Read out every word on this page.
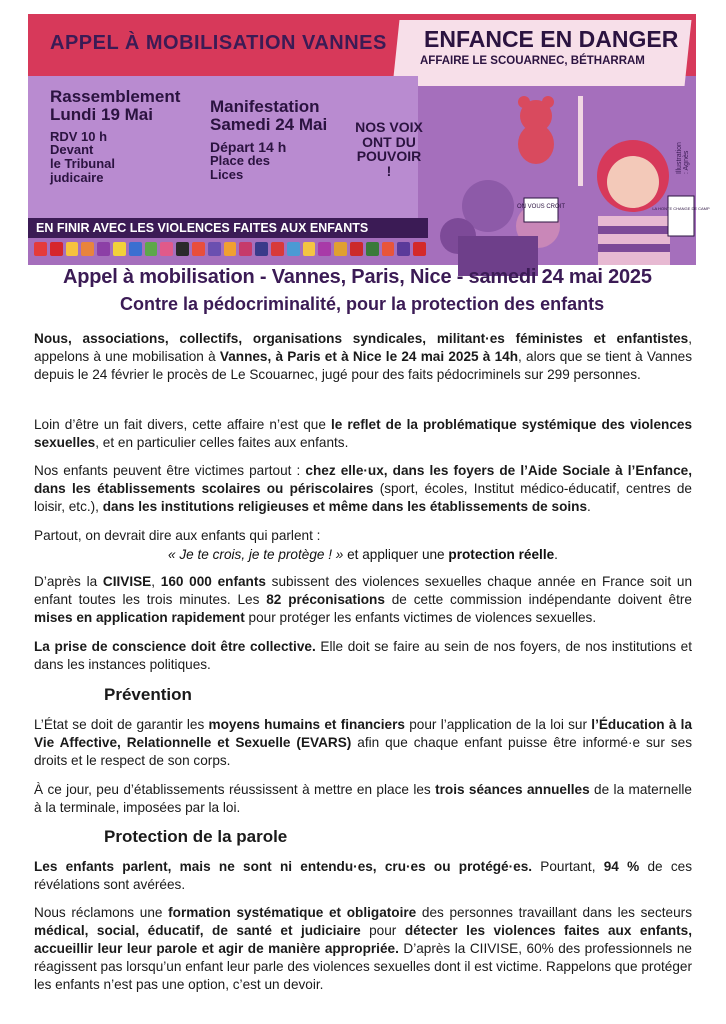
APPEL À MOBILISATION VANNES ENFANCE EN DANGER
AFFAIRE LE SCOUARNEC, BÉTHARRAM
Rassemblement
Lundi 19 Mai
RDV 10 h
Devant
le Tribunal
judicaire
Manifestation
Samedi 24 Mai
Départ 14 h
Place des
Lices
NOS VOIX
ONT DU
POUVOIR !
EN FINIR AVEC LES VIOLENCES FAITES AUX ENFANTS
ON VOUS CROIT	LA HONTE CHANGE DE CAMP
Illustration : Agnès
Appel à mobilisation - Vannes, Paris, Nice - samedi 24 mai 2025
Contre la pédocriminalité, pour la protection des enfants
Nous, associations, collectifs, organisations syndicales, militant·es féministes et enfantistes, appelons à une mobilisation à Vannes, à Paris et à Nice le 24 mai 2025 à 14h, alors que se tient à Vannes depuis le 24 février le procès de Le Scouarnec, jugé pour des faits pédocriminels sur 299 personnes.
Loin d’être un fait divers, cette affaire n’est que le reflet de la problématique systémique des violences sexuelles, et en particulier celles faites aux enfants.
Nos enfants peuvent être victimes partout : chez elle·ux, dans les foyers de l’Aide Sociale à l’Enfance, dans les établissements scolaires ou périscolaires (sport, écoles, Institut médico-éducatif, centres de loisir, etc.), dans les institutions religieuses et même dans les établissements de soins.
Partout, on devrait dire aux enfants qui parlent :
« Je te crois, je te protège ! » et appliquer une protection réelle.
D’après la CIIVISE, 160 000 enfants subissent des violences sexuelles chaque année en France soit un enfant toutes les trois minutes. Les 82 préconisations de cette commission indépendante doivent être mises en application rapidement pour protéger les enfants victimes de violences sexuelles.
La prise de conscience doit être collective. Elle doit se faire au sein de nos foyers, de nos institutions et dans les instances politiques.
Prévention
L’État se doit de garantir les moyens humains et financiers pour l’application de la loi sur l’Éducation à la Vie Affective, Relationnelle et Sexuelle (EVARS) afin que chaque enfant puisse être informé·e sur ses droits et le respect de son corps.
À ce jour, peu d’établissements réussissent à mettre en place les trois séances annuelles de la maternelle à la terminale, imposées par la loi.
Protection de la parole
Les enfants parlent, mais ne sont ni entendu·es, cru·es ou protégé·es. Pourtant, 94 % de ces révélations sont avérées.
Nous réclamons une formation systématique et obligatoire des personnes travaillant dans les secteurs médical, social, éducatif, de santé et judiciaire pour détecter les violences faites aux enfants, accueillir leur leur parole et agir de manière appropriée. D’après la CIIVISE, 60% des professionnels ne réagissent pas lorsqu’un enfant leur parle des violences sexuelles dont il est victime. Rappelons que protéger les enfants n’est pas une option, c’est un devoir.
